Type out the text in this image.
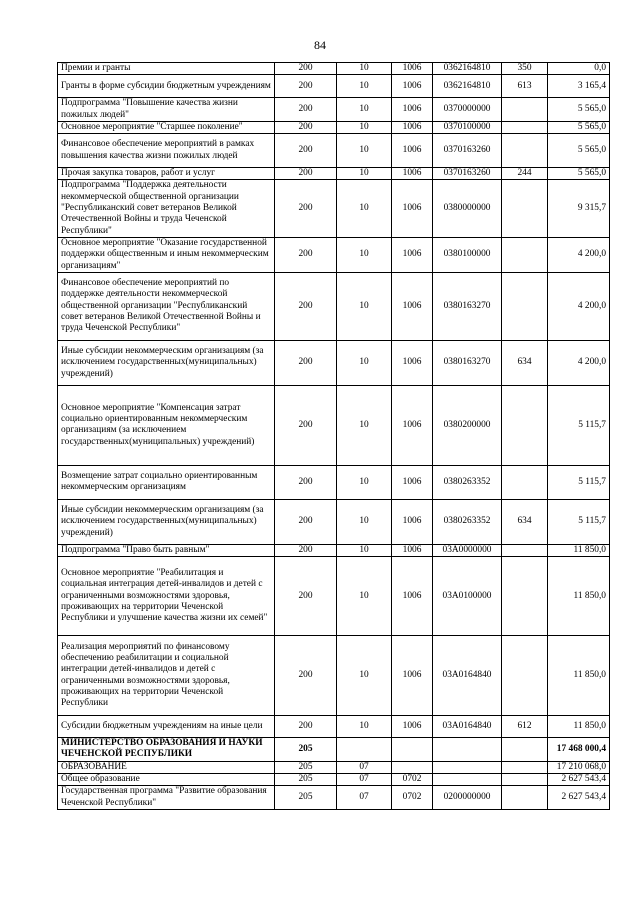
84
Премии и гранты	200	10	1006	0362164810	350	0,0
Гранты в форме субсидии бюджетным учреждениям	200	10	1006	0362164810	613	3 165,4
Подпрограмма "Повышение качества жизни пожилых людей"	200	10	1006	0370000000		5 565,0
Основное мероприятие "Старшее поколение"	200	10	1006	0370100000		5 565,0
Финансовое обеспечение мероприятий в рамках повышения качества жизни пожилых людей	200	10	1006	0370163260		5 565,0
Прочая закупка товаров, работ и услуг	200	10	1006	0370163260	244	5 565,0
Подпрограмма "Поддержка деятельности некоммерческой общественной организации "Республиканский совет ветеранов Великой Отечественной Войны и труда Чеченской Республики"	200	10	1006	0380000000		9 315,7
Основное мероприятие "Оказание государственной поддержки общественным и иным некоммерческим организациям"	200	10	1006	0380100000		4 200,0
Финансовое обеспечение мероприятий по поддержке деятельности некоммерческой общественной организации "Республиканский совет ветеранов Великой Отечественной Войны и труда Чеченской Республики"	200	10	1006	0380163270		4 200,0
Иные субсидии некоммерческим организациям (за исключением государственных(муниципальных) учреждений)	200	10	1006	0380163270	634	4 200,0
Основное мероприятие "Компенсация затрат социально ориентированным некоммерческим организациям (за исключением государственных(муниципальных) учреждений)	200	10	1006	0380200000		5 115,7
Возмещение затрат социально ориентированным некоммерческим организациям	200	10	1006	0380263352		5 115,7
Иные субсидии некоммерческим организациям (за исключением государственных(муниципальных) учреждений)	200	10	1006	0380263352	634	5 115,7
Подпрограмма "Право быть равным"	200	10	1006	03А0000000		11 850,0
Основное мероприятие "Реабилитация и социальная интеграция детей-инвалидов и детей с ограниченными возможностями здоровья, проживающих на территории Чеченской Республики и улучшение качества жизни их семей"	200	10	1006	03А0100000		11 850,0
Реализация мероприятий по финансовому обеспечению реабилитации и социальной интеграции детей-инвалидов и детей с ограниченными возможностями здоровья, проживающих на территории Чеченской Республики	200	10	1006	03А0164840		11 850,0
Субсидии бюджетным учреждениям на иные цели	200	10	1006	03А0164840	612	11 850,0
МИНИСТЕРСТВО ОБРАЗОВАНИЯ И НАУКИ ЧЕЧЕНСКОЙ РЕСПУБЛИКИ	205					17 468 000,4
ОБРАЗОВАНИЕ	205	07				17 210 068,0
Общее образование	205	07	0702			2 627 543,4
Государственная программа "Развитие образования Чеченской Республики"	205	07	0702	0200000000		2 627 543,4
